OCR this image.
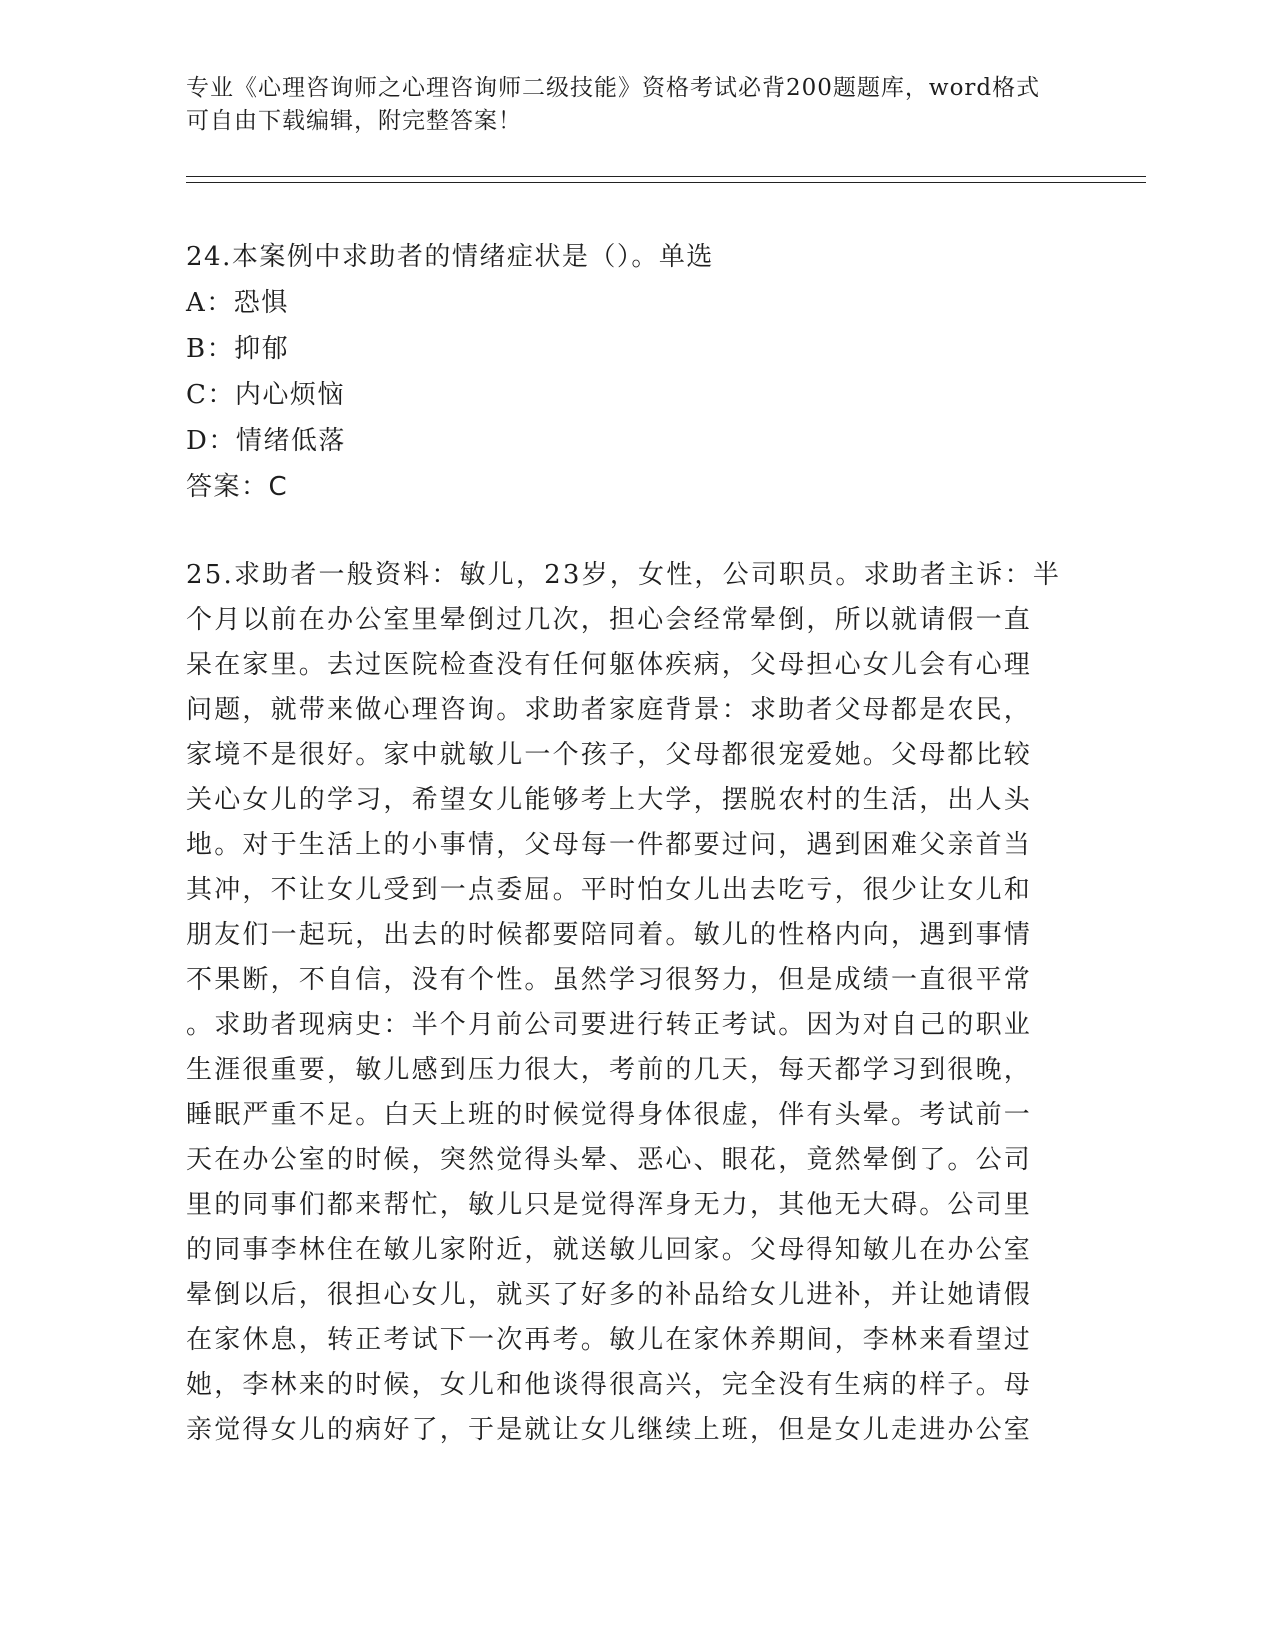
专业《心理咨询师之心理咨询师二级技能》资格考试必背200题题库，word格式
可自由下载编辑，附完整答案！
24.本案例中求助者的情绪症状是（）。单选
A：恐惧
B：抑郁
C：内心烦恼
D：情绪低落
答案：C
25.求助者一般资料：敏儿，23岁，女性，公司职员。求助者主诉：半
个月以前在办公室里晕倒过几次，担心会经常晕倒，所以就请假一直
呆在家里。去过医院检查没有任何躯体疾病，父母担心女儿会有心理
问题，就带来做心理咨询。求助者家庭背景：求助者父母都是农民，
家境不是很好。家中就敏儿一个孩子，父母都很宠爱她。父母都比较
关心女儿的学习，希望女儿能够考上大学，摆脱农村的生活，出人头
地。对于生活上的小事情，父母每一件都要过问，遇到困难父亲首当
其冲，不让女儿受到一点委屈。平时怕女儿出去吃亏，很少让女儿和
朋友们一起玩，出去的时候都要陪同着。敏儿的性格内向，遇到事情
不果断，不自信，没有个性。虽然学习很努力，但是成绩一直很平常
。求助者现病史：半个月前公司要进行转正考试。因为对自己的职业
生涯很重要，敏儿感到压力很大，考前的几天，每天都学习到很晚，
睡眠严重不足。白天上班的时候觉得身体很虚，伴有头晕。考试前一
天在办公室的时候，突然觉得头晕、恶心、眼花，竟然晕倒了。公司
里的同事们都来帮忙，敏儿只是觉得浑身无力，其他无大碍。公司里
的同事李林住在敏儿家附近，就送敏儿回家。父母得知敏儿在办公室
晕倒以后，很担心女儿，就买了好多的补品给女儿进补，并让她请假
在家休息，转正考试下一次再考。敏儿在家休养期间，李林来看望过
她，李林来的时候，女儿和他谈得很高兴，完全没有生病的样子。母
亲觉得女儿的病好了，于是就让女儿继续上班，但是女儿走进办公室
